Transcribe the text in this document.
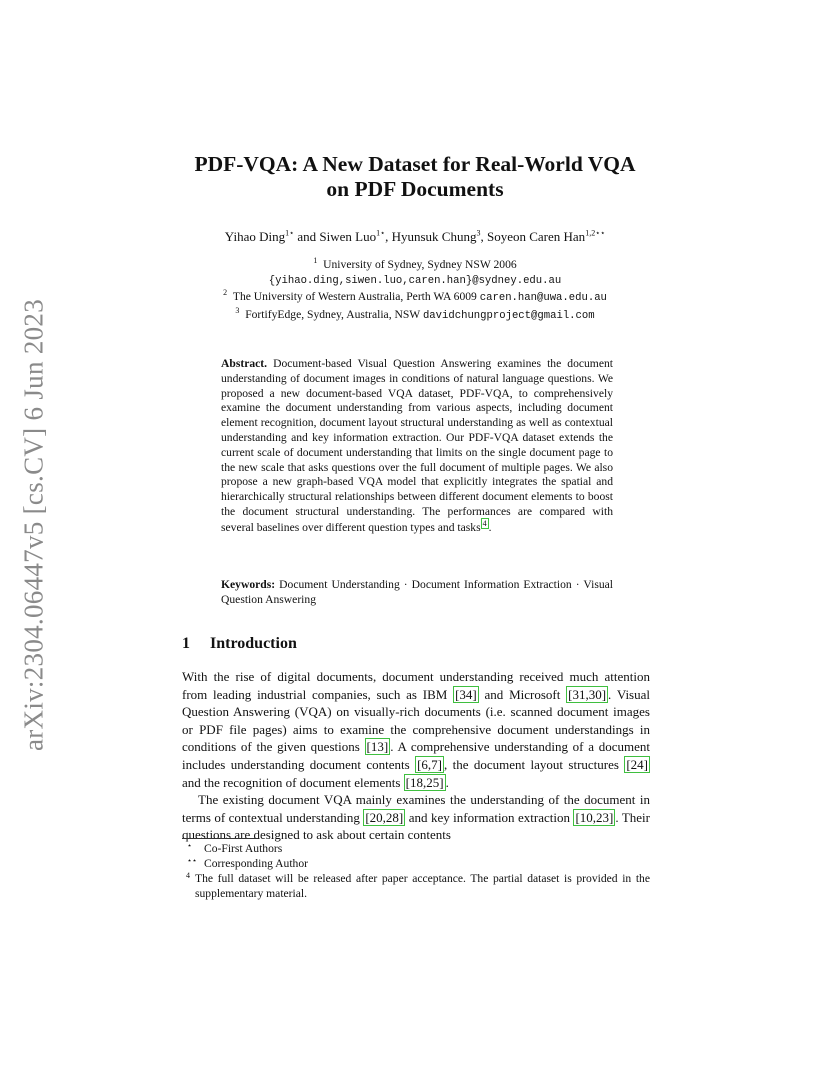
arXiv:2304.06447v5 [cs.CV] 6 Jun 2023
PDF-VQA: A New Dataset for Real-World VQA
on PDF Documents
Yihao Ding$^{1⋆}$ and Siwen Luo$^{1⋆}$, Hyunsuk Chung$^3$, Soyeon Caren Han$^{1,2⋆⋆}$
$^1$ University of Sydney, Sydney NSW 2006
{yihao.ding,siwen.luo,caren.han}@sydney.edu.au
$^2$ The University of Western Australia, Perth WA 6009 caren.han@uwa.edu.au
$^3$ FortifyEdge, Sydney, Australia, NSW davidchungproject@gmail.com
Abstract. Document-based Visual Question Answering examines the document understanding of document images in conditions of natural language questions. We proposed a new document-based VQA dataset, PDF-VQA, to comprehensively examine the document understanding from various aspects, including document element recognition, document layout structural understanding as well as contextual understanding and key information extraction. Our PDF-VQA dataset extends the current scale of document understanding that limits on the single document page to the new scale that asks questions over the full document of multiple pages. We also propose a new graph-based VQA model that explicitly integrates the spatial and hierarchically structural relationships between different document elements to boost the document structural understanding. The performances are compared with several baselines over different question types and tasks $^4$ .
Keywords: Document Understanding · Document Information Extraction · Visual Question Answering
1 Introduction

With the rise of digital documents, document understanding received much attention from leading industrial companies, such as IBM [34] and Microsoft [31,30] . Visual Question Answering (VQA) on visually-rich documents (i.e. scanned document images or PDF file pages) aims to examine the comprehensive document understandings in conditions of the given questions [13] . A comprehensive understanding of a document includes understanding document contents [6,7] , the document layout structures [24] and the recognition of document elements [18,25] .

The existing document VQA mainly examines the understanding of the document in terms of contextual understanding [20,28] and key information extraction [10,23] . Their questions are designed to ask about certain contents

⋆ Co-First Authors
⋆⋆ Corresponding Author
4 The full dataset will be released after paper acceptance. The partial dataset is provided in the supplementary material.
